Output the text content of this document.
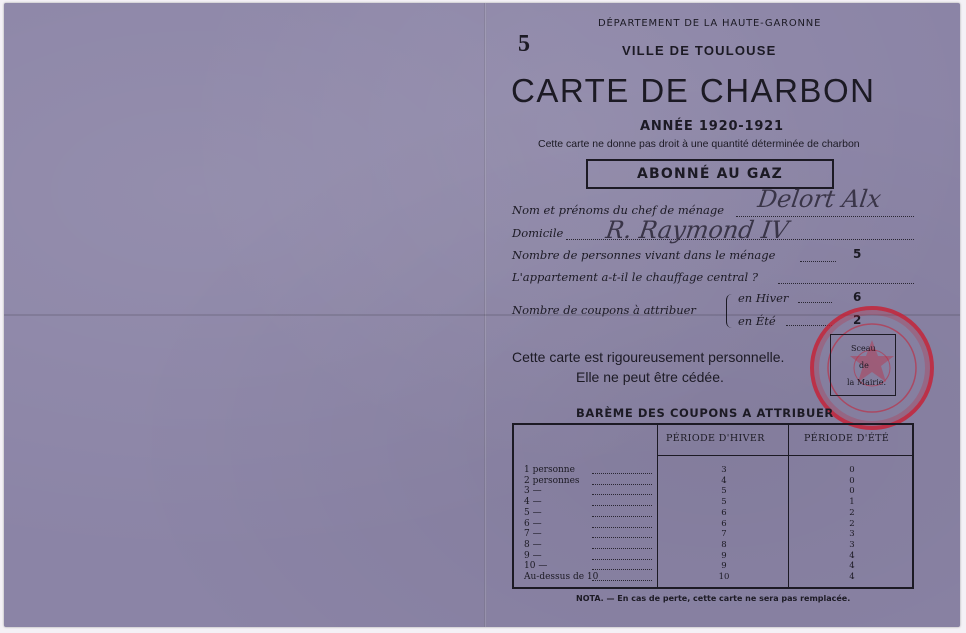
DÉPARTEMENT DE LA HAUTE-GARONNE
5	VILLE DE TOULOUSE
CARTE DE CHARBON
ANNÉE 1920-1921
Cette carte ne donne pas droit à une quantité déterminée de charbon
ABONNÉ AU GAZ
Nom et prénoms du chef de ménage Delort Alx
Domicile R. Raymond IV
Nombre de personnes vivant dans le ménage	5
L'appartement a-t-il le chauffage central ?
Nombre de coupons à attribuer
en Hiver	6
en Été	2
Cette carte est rigoureusement personnelle.
Elle ne peut être cédée.
Sceau
de
la Mairie.
BARÈME DES COUPONS A ATTRIBUER
PÉRIODE D'HIVER	PÉRIODE D'ÉTÉ
1 personne	3	0
2 personnes	4	0
3 —	5	0
4 —	5	1
5 —	6	2
6 —	6	2
7 —	7	3
8 —	8	3
9 —	9	4
10 —	9	4
Au-dessus de 10	10	4
NOTA. — En cas de perte, cette carte ne sera pas remplacée.
